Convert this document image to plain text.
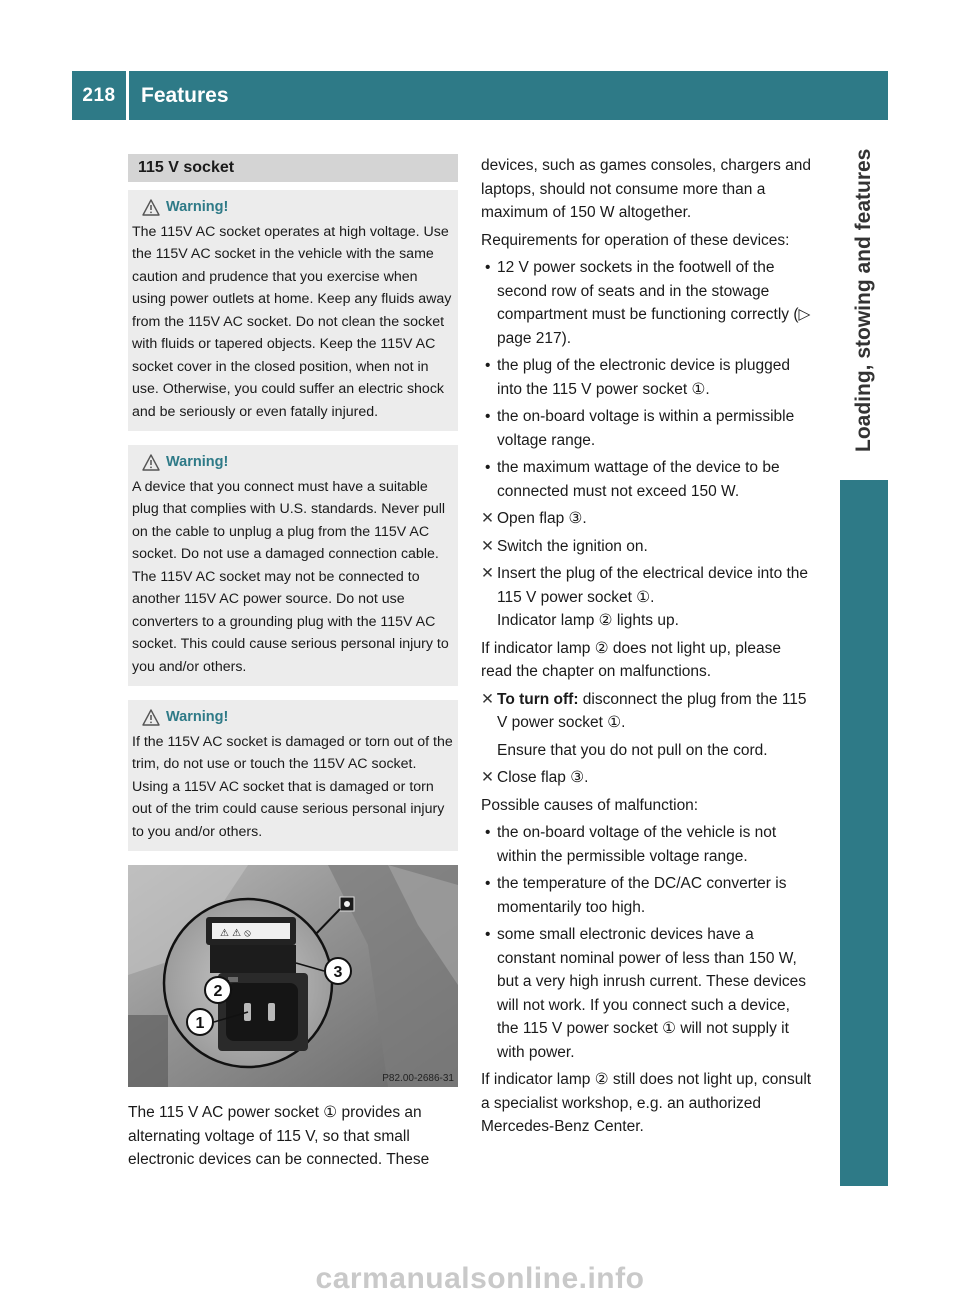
218	Features
Loading, stowing and features
115 V socket
Warning!

The 115V AC socket operates at high voltage. Use the 115V AC socket in the vehicle with the same caution and prudence that you exercise when using power outlets at home. Keep any fluids away from the 115V AC socket. Do not clean the socket with fluids or tapered objects. Keep the 115V AC socket cover in the closed position, when not in use. Otherwise, you could suffer an electric shock and be seriously or even fatally injured.

Warning!

A device that you connect must have a suitable plug that complies with U.S. standards. Never pull on the cable to unplug a plug from the 115V AC socket. Do not use a damaged connection cable. The 115V AC socket may not be connected to another 115V AC power source. Do not use converters to a grounding plug with the 115V AC socket. This could cause serious personal injury to you and/or others.

Warning!

If the 115V AC socket is damaged or torn out of the trim, do not use or touch the 115V AC socket. Using a 115V AC socket that is damaged or torn out of the trim could cause serious personal injury to you and/or others.

⚠ ⚠ ⦸
3
2
1
P82.00-2686-31

The 115 V AC power socket ① provides an alternating voltage of 115 V, so that small electronic devices can be connected. These

devices, such as games consoles, chargers and laptops, should not consume more than a maximum of 150 W altogether.

Requirements for operation of these devices:

• 12 V power sockets in the footwell of the second row of seats and in the stowage compartment must be functioning correctly (▷ page 217).
• the plug of the electronic device is plugged into the 115 V power socket ①.
• the on-board voltage is within a permissible voltage range.
• the maximum wattage of the device to be connected must not exceed 150 W.
✕ Open flap ③.
✕ Switch the ignition on.
✕ Insert the plug of the electrical device into the 115 V power socket ①.

Indicator lamp ② lights up.

If indicator lamp ② does not light up, please read the chapter on malfunctions.

✕ To turn off: disconnect the plug from the 115 V power socket ①.

Ensure that you do not pull on the cord.

✕ Close flap ③.

Possible causes of malfunction:

• the on-board voltage of the vehicle is not within the permissible voltage range.
• the temperature of the DC/AC converter is momentarily too high.
• some small electronic devices have a constant nominal power of less than 150 W, but a very high inrush current. These devices will not work. If you connect such a device, the 115 V power socket ① will not supply it with power.

If indicator lamp ② still does not light up, consult a specialist workshop, e.g. an authorized Mercedes-Benz Center.

carmanualsonline.info
